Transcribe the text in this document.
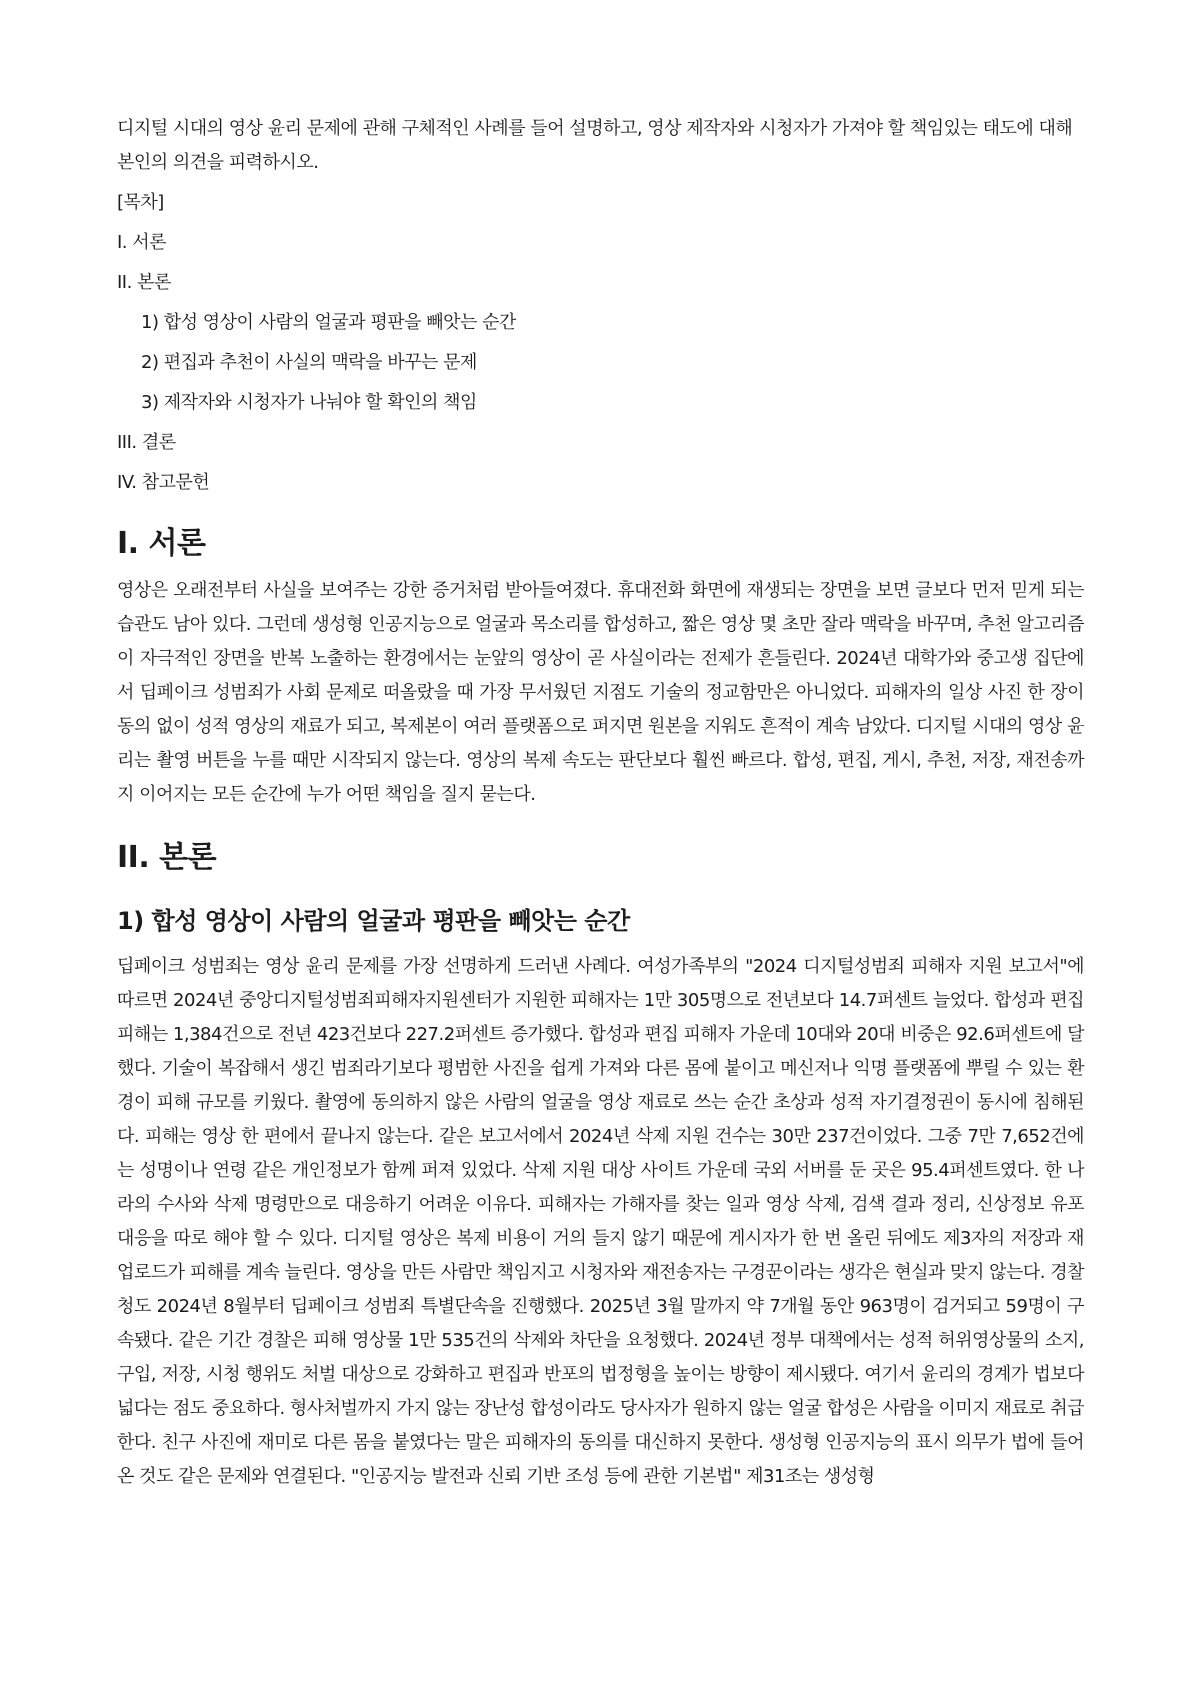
디지털 시대의 영상 윤리 문제에 관해 구체적인 사례를 들어 설명하고, 영상 제작자와 시청자가 가져야 할 책임있는 태도에 대해 본인의 의견을 피력하시오.

[목차]

I. 서론

II. 본론

1) 합성 영상이 사람의 얼굴과 평판을 빼앗는 순간

2) 편집과 추천이 사실의 맥락을 바꾸는 문제

3) 제작자와 시청자가 나눠야 할 확인의 책임

III. 결론

IV. 참고문헌

I. 서론

영상은 오래전부터 사실을 보여주는 강한 증거처럼 받아들여졌다. 휴대전화 화면에 재생되는 장면을 보면 글보다 먼저 믿게 되는 습관도 남아 있다. 그런데 생성형 인공지능으로 얼굴과 목소리를 합성하고, 짧은 영상 몇 초만 잘라 맥락을 바꾸며, 추천 알고리즘이 자극적인 장면을 반복 노출하는 환경에서는 눈앞의 영상이 곧 사실이라는 전제가 흔들린다. 2024년 대학가와 중고생 집단에서 딥페이크 성범죄가 사회 문제로 떠올랐을 때 가장 무서웠던 지점도 기술의 정교함만은 아니었다. 피해자의 일상 사진 한 장이 동의 없이 성적 영상의 재료가 되고, 복제본이 여러 플랫폼으로 퍼지면 원본을 지워도 흔적이 계속 남았다. 디지털 시대의 영상 윤리는 촬영 버튼을 누를 때만 시작되지 않는다. 영상의 복제 속도는 판단보다 훨씬 빠르다. 합성, 편집, 게시, 추천, 저장, 재전송까지 이어지는 모든 순간에 누가 어떤 책임을 질지 묻는다.

II. 본론
1) 합성 영상이 사람의 얼굴과 평판을 빼앗는 순간

딥페이크 성범죄는 영상 윤리 문제를 가장 선명하게 드러낸 사례다. 여성가족부의 "2024 디지털성범죄 피해자 지원 보고서"에 따르면 2024년 중앙디지털성범죄피해자지원센터가 지원한 피해자는 1만 305명으로 전년보다 14.7퍼센트 늘었다. 합성과 편집 피해는 1,384건으로 전년 423건보다 227.2퍼센트 증가했다. 합성과 편집 피해자 가운데 10대와 20대 비중은 92.6퍼센트에 달했다. 기술이 복잡해서 생긴 범죄라기보다 평범한 사진을 쉽게 가져와 다른 몸에 붙이고 메신저나 익명 플랫폼에 뿌릴 수 있는 환경이 피해 규모를 키웠다. 촬영에 동의하지 않은 사람의 얼굴을 영상 재료로 쓰는 순간 초상과 성적 자기결정권이 동시에 침해된다. 피해는 영상 한 편에서 끝나지 않는다. 같은 보고서에서 2024년 삭제 지원 건수는 30만 237건이었다. 그중 7만 7,652건에는 성명이나 연령 같은 개인정보가 함께 퍼져 있었다. 삭제 지원 대상 사이트 가운데 국외 서버를 둔 곳은 95.4퍼센트였다. 한 나라의 수사와 삭제 명령만으로 대응하기 어려운 이유다. 피해자는 가해자를 찾는 일과 영상 삭제, 검색 결과 정리, 신상정보 유포 대응을 따로 해야 할 수 있다. 디지털 영상은 복제 비용이 거의 들지 않기 때문에 게시자가 한 번 올린 뒤에도 제3자의 저장과 재업로드가 피해를 계속 늘린다. 영상을 만든 사람만 책임지고 시청자와 재전송자는 구경꾼이라는 생각은 현실과 맞지 않는다. 경찰청도 2024년 8월부터 딥페이크 성범죄 특별단속을 진행했다. 2025년 3월 말까지 약 7개월 동안 963명이 검거되고 59명이 구속됐다. 같은 기간 경찰은 피해 영상물 1만 535건의 삭제와 차단을 요청했다. 2024년 정부 대책에서는 성적 허위영상물의 소지, 구입, 저장, 시청 행위도 처벌 대상으로 강화하고 편집과 반포의 법정형을 높이는 방향이 제시됐다. 여기서 윤리의 경계가 법보다 넓다는 점도 중요하다. 형사처벌까지 가지 않는 장난성 합성이라도 당사자가 원하지 않는 얼굴 합성은 사람을 이미지 재료로 취급한다. 친구 사진에 재미로 다른 몸을 붙였다는 말은 피해자의 동의를 대신하지 못한다. 생성형 인공지능의 표시 의무가 법에 들어온 것도 같은 문제와 연결된다. "인공지능 발전과 신뢰 기반 조성 등에 관한 기본법" 제31조는 생성형
